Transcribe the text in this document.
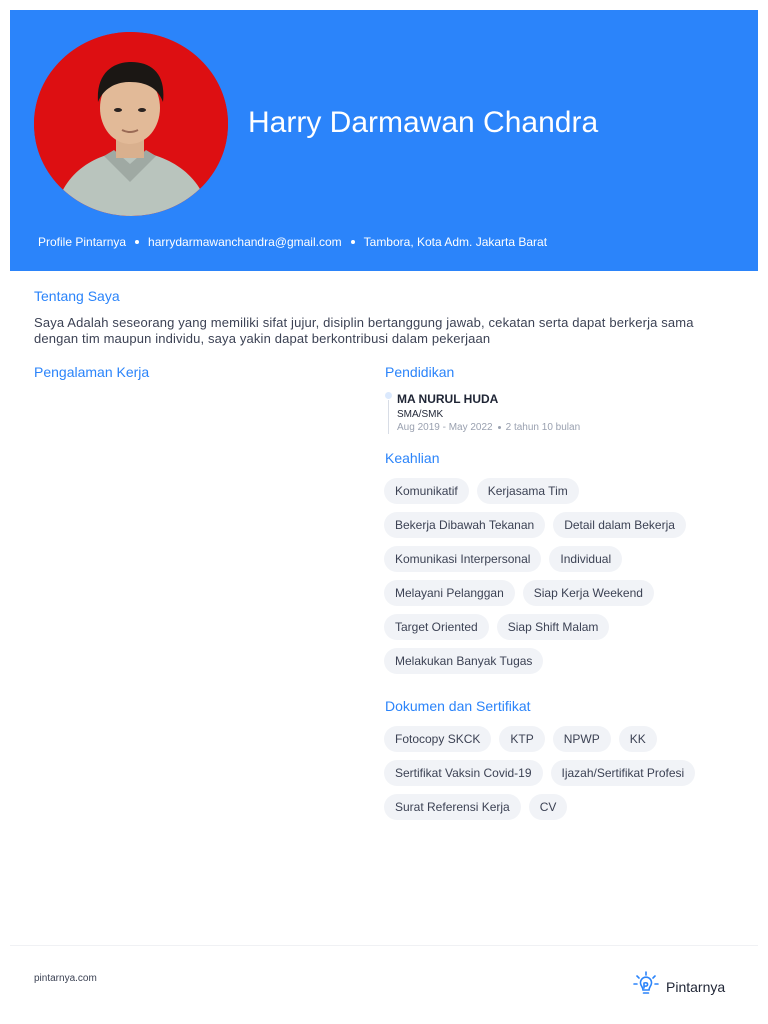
Harry Darmawan Chandra
Profile Pintarnya harrydarmawanchandra@gmail.com Tambora, Kota Adm. Jakarta Barat
Tentang Saya
Saya Adalah seseorang yang memiliki sifat jujur, disiplin bertanggung jawab, cekatan serta dapat berkerja sama dengan tim maupun individu, saya yakin dapat berkontribusi dalam pekerjaan
Pengalaman Kerja	Pendidikan
MA NURUL HUDA
SMA/SMK
Aug 2019 - May 2022 2 tahun 10 bulan
Keahlian
Komunikatif	Kerjasama Tim
Bekerja Dibawah Tekanan	Detail dalam Bekerja
Komunikasi Interpersonal	Individual
Melayani Pelanggan	Siap Kerja Weekend
Target Oriented	Siap Shift Malam
Melakukan Banyak Tugas
Dokumen dan Sertifikat
Fotocopy SKCK	KTP	NPWP	KK
Sertifikat Vaksin Covid-19	Ijazah/Sertifikat Profesi
Surat Referensi Kerja	CV
pintarnya.com	Pintarnya
